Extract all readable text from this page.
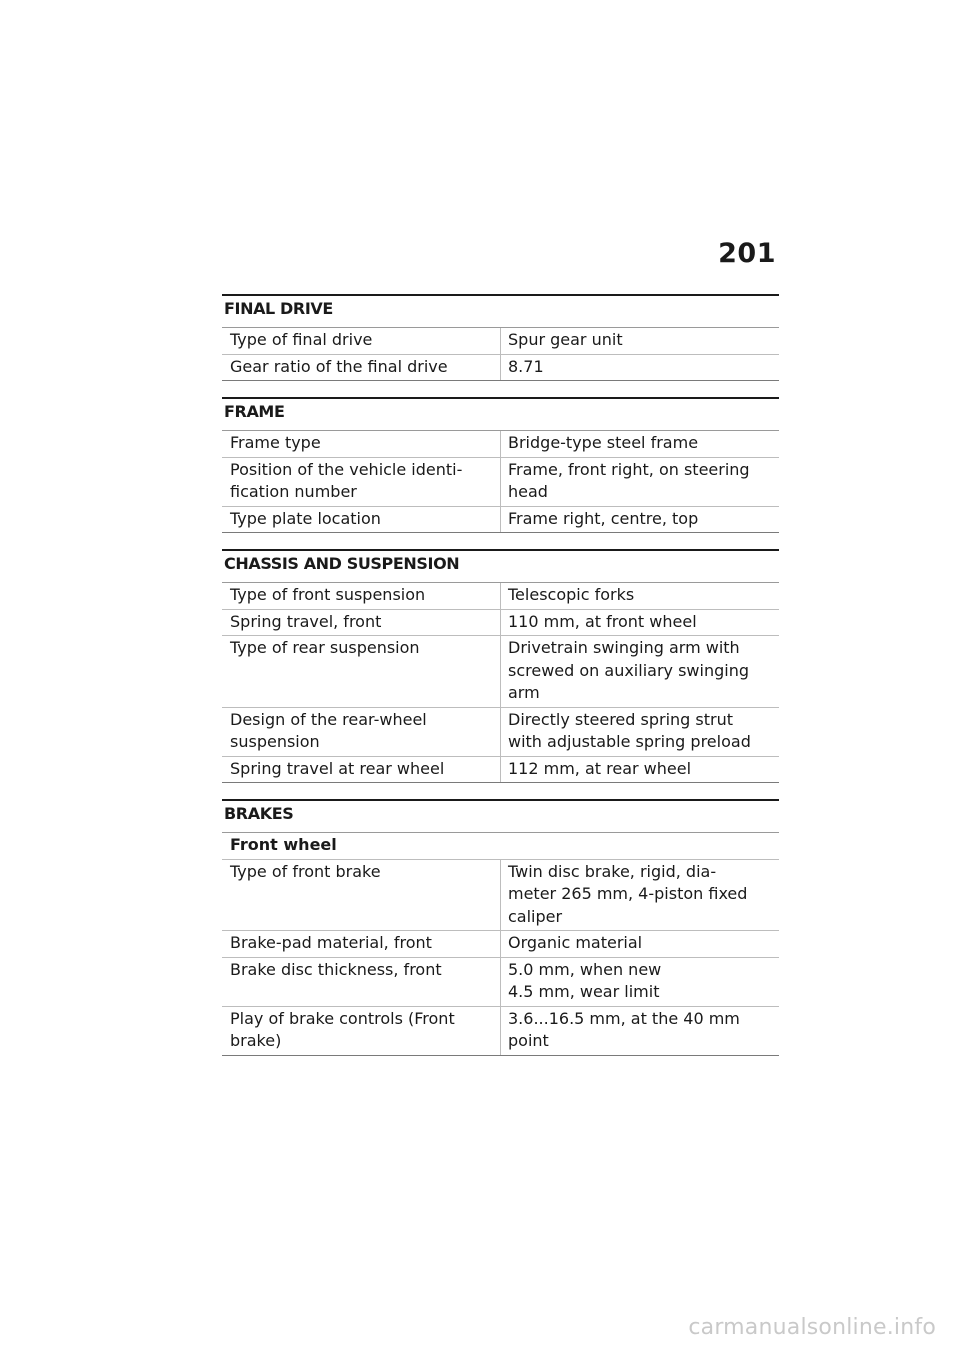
201
FINAL DRIVE
Type of final drive	Spur gear unit
Gear ratio of the final drive	8.71
FRAME
Frame type	Bridge-type steel frame
Position of the vehicle identi-
fication number	Frame, front right, on steering
head
Type plate location	Frame right, centre, top
CHASSIS AND SUSPENSION
Type of front suspension	Telescopic forks
Spring travel, front	110 mm, at front wheel
Type of rear suspension	Drivetrain swinging arm with
screwed on auxiliary swinging
arm
Design of the rear-wheel
suspension	Directly steered spring strut
with adjustable spring preload
Spring travel at rear wheel	112 mm, at rear wheel
BRAKES
Front wheel	
Type of front brake	Twin disc brake, rigid, dia-
meter 265 mm, 4-piston fixed
caliper
Brake-pad material, front	Organic material
Brake disc thickness, front	5.0 mm, when new
4.5 mm, wear limit
Play of brake controls (Front
brake)	3.6...16.5 mm, at the 40 mm
point
carmanualsonline.info
